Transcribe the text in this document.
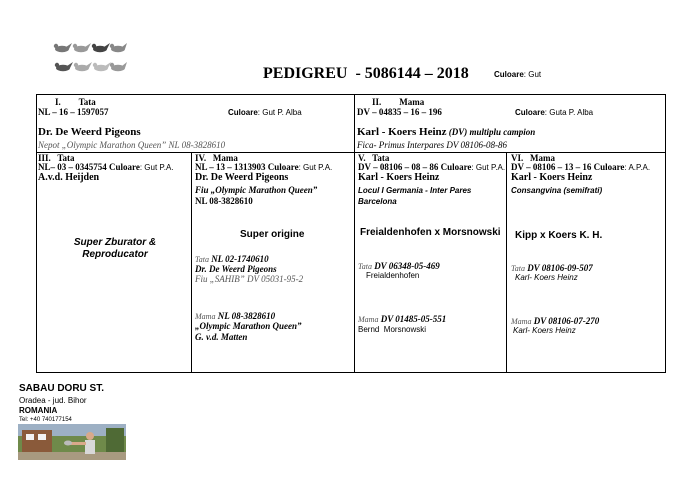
PEDIGREU  - 5086144 – 2018	Culoare: Gut
I.        Tata
NL – 16 – 1597057	Culoare: Gut P. Alba
Dr. De Weerd Pigeons
Nepot „Olympic Marathon Queen” NL 08-3828610
II.        Mama
DV – 04835 – 16 – 196	Culoare: Guta P. Alba
Karl - Koers Heinz (DV) multiplu campion
Fica- Primus Interpares DV 08106-08-86
III.   Tata
NL– 03 – 0345754 Culoare: Gut P.A.
A.v.d. Heijden
Super Zburator & Reproducator
IV.   Mama
NL – 13 – 1313903 Culoare: Gut P.A.
Dr. De Weerd Pigeons
Fiu „Olympic Marathon Queen”
NL 08-3828610
Super origine
Tata NL 02-1740610
Dr. De Weerd Pigeons
Fiu „SAHIB” DV 05031-95-2
Mama NL 08-3828610
„Olympic Marathon Queen”
G. v.d. Matten
V.   Tata
DV – 08106 – 08 – 86 Culoare: Gut P.A.
Karl - Koers Heinz
Locul I Germania - Inter Pares
Barcelona
Freialdenhofen x Morsnowski
Tata DV 06348-05-469
Freialdenhofen
Mama DV 01485-05-551
Bernd  Morsnowski
VI.   Mama
DV – 08106 – 13 – 16 Culoare: A.P.A.
Karl - Koers Heinz
Consangvina (semifrati)
Kipp x Koers K. H.
Tata DV 08106-09-507
Karl- Koers Heinz
Mama DV 08106-07-270
Karl- Koers Heinz
SABAU DORU ST.
Oradea - jud. Bihor
ROMANIA
Tel: +40 740177154
